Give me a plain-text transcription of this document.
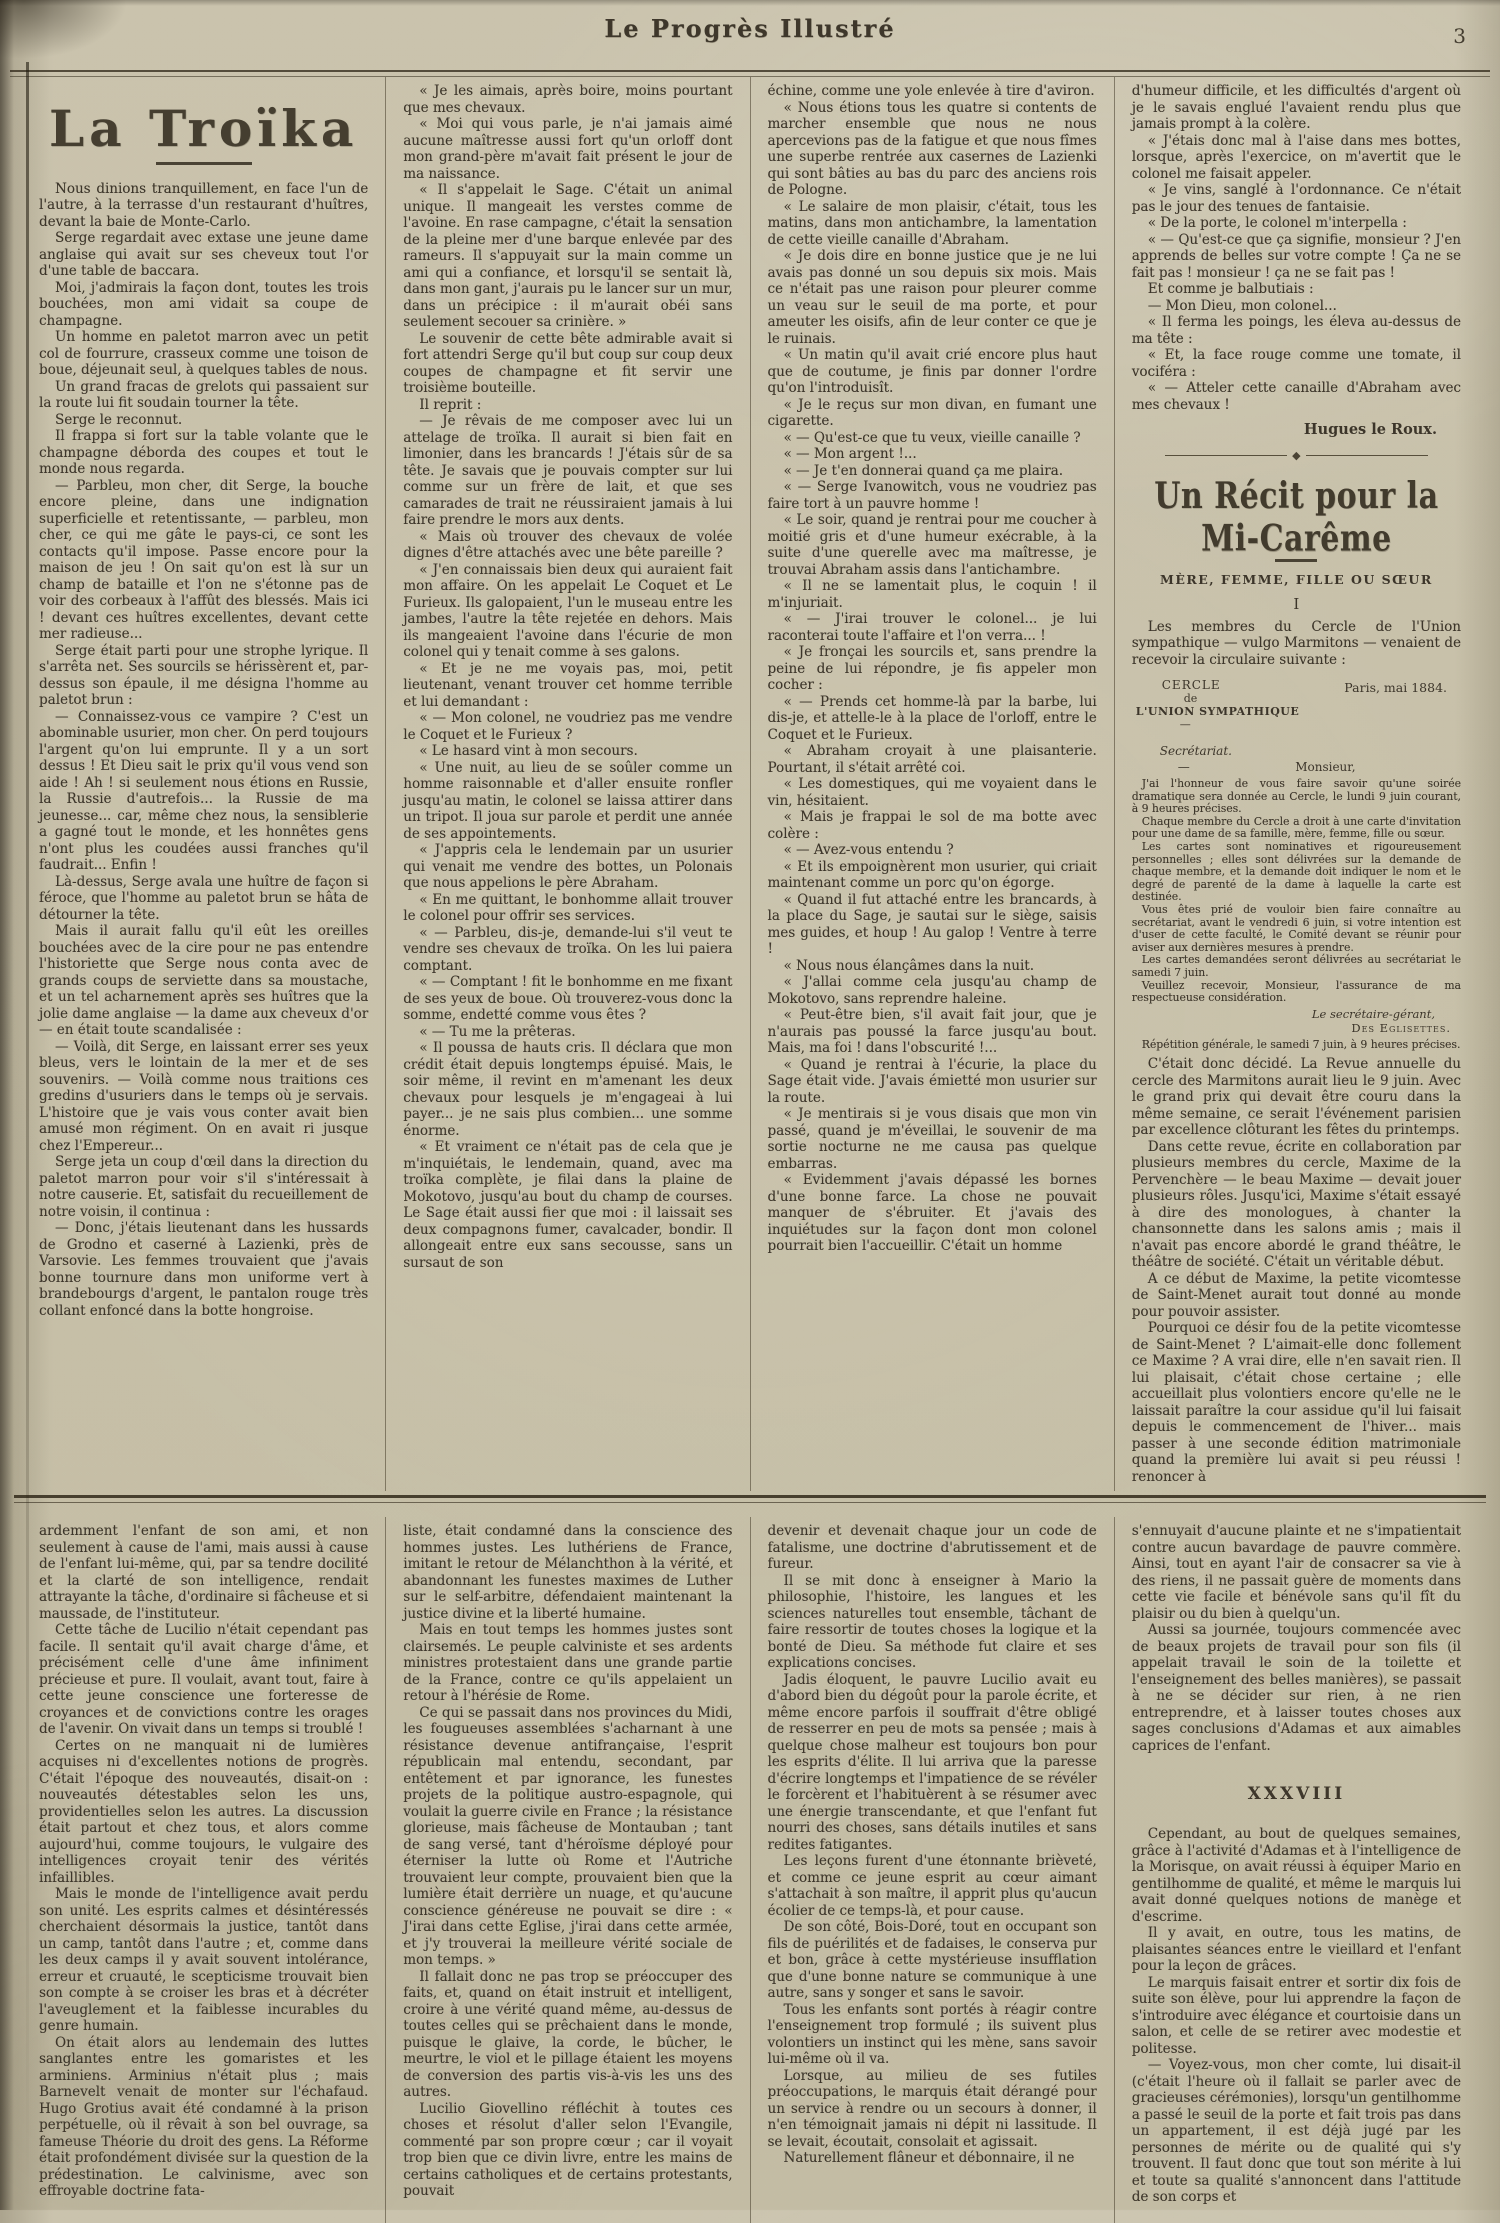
Le Progrès Illustré	3
La Troïka

Nous dinions tranquillement, en face l'un de l'autre, à la terrasse d'un restaurant d'huîtres, devant la baie de Monte-Carlo.

Serge regardait avec extase une jeune dame anglaise qui avait sur ses cheveux tout l'or d'une table de baccara.

Moi, j'admirais la façon dont, toutes les trois bouchées, mon ami vidait sa coupe de champagne.

Un homme en paletot marron avec un petit col de fourrure, crasseux comme une toison de boue, déjeunait seul, à quelques tables de nous.

Un grand fracas de grelots qui passaient sur la route lui fit soudain tourner la tête.

Serge le reconnut.

Il frappa si fort sur la table volante que le champagne déborda des coupes et tout le monde nous regarda.

— Parbleu, mon cher, dit Serge, la bouche encore pleine, dans une indignation superficielle et retentissante, — parbleu, mon cher, ce qui me gâte le pays-ci, ce sont les contacts qu'il impose. Passe encore pour la maison de jeu ! On sait qu'on est là sur un champ de bataille et l'on ne s'étonne pas de voir des corbeaux à l'affût des blessés. Mais ici ! devant ces huîtres excellentes, devant cette mer radieuse...

Serge était parti pour une strophe lyrique. Il s'arrêta net. Ses sourcils se hérissèrent et, par-dessus son épaule, il me désigna l'homme au paletot brun :

— Connaissez-vous ce vampire ? C'est un abominable usurier, mon cher. On perd toujours l'argent qu'on lui emprunte. Il y a un sort dessus ! Et Dieu sait le prix qu'il vous vend son aide ! Ah ! si seulement nous étions en Russie, la Russie d'autrefois... la Russie de ma jeunesse... car, même chez nous, la sensiblerie a gagné tout le monde, et les honnêtes gens n'ont plus les coudées aussi franches qu'il faudrait... Enfin !

Là-dessus, Serge avala une huître de façon si féroce, que l'homme au paletot brun se hâta de détourner la tête.

Mais il aurait fallu qu'il eût les oreilles bouchées avec de la cire pour ne pas entendre l'historiette que Serge nous conta avec de grands coups de serviette dans sa moustache, et un tel acharnement après ses huîtres que la jolie dame anglaise — la dame aux cheveux d'or — en était toute scandalisée :

— Voilà, dit Serge, en laissant errer ses yeux bleus, vers le lointain de la mer et de ses souvenirs. — Voilà comme nous traitions ces gredins d'usuriers dans le temps où je servais. L'histoire que je vais vous conter avait bien amusé mon régiment. On en avait ri jusque chez l'Empereur...

Serge jeta un coup d'œil dans la direction du paletot marron pour voir s'il s'intéressait à notre causerie. Et, satisfait du recueillement de notre voisin, il continua :

— Donc, j'étais lieutenant dans les hussards de Grodno et caserné à Lazienki, près de Varsovie. Les femmes trouvaient que j'avais bonne tournure dans mon uniforme vert à brandebourgs d'argent, le pantalon rouge très collant enfoncé dans la botte hongroise.

« Je les aimais, après boire, moins pourtant que mes chevaux.

« Moi qui vous parle, je n'ai jamais aimé aucune maîtresse aussi fort qu'un orloff dont mon grand-père m'avait fait présent le jour de ma naissance.

« Il s'appelait le Sage. C'était un animal unique. Il mangeait les verstes comme de l'avoine. En rase campagne, c'était la sensation de la pleine mer d'une barque enlevée par des rameurs. Il s'appuyait sur la main comme un ami qui a confiance, et lorsqu'il se sentait là, dans mon gant, j'aurais pu le lancer sur un mur, dans un précipice : il m'aurait obéi sans seulement secouer sa crinière. »

Le souvenir de cette bête admirable avait si fort attendri Serge qu'il but coup sur coup deux coupes de champagne et fit servir une troisième bouteille.

Il reprit :

— Je rêvais de me composer avec lui un attelage de troïka. Il aurait si bien fait en limonier, dans les brancards ! J'étais sûr de sa tête. Je savais que je pouvais compter sur lui comme sur un frère de lait, et que ses camarades de trait ne réussiraient jamais à lui faire prendre le mors aux dents.

« Mais où trouver des chevaux de volée dignes d'être attachés avec une bête pareille ?

« J'en connaissais bien deux qui auraient fait mon affaire. On les appelait Le Coquet et Le Furieux. Ils galopaient, l'un le museau entre les jambes, l'autre la tête rejetée en dehors. Mais ils mangeaient l'avoine dans l'écurie de mon colonel qui y tenait comme à ses galons.

« Et je ne me voyais pas, moi, petit lieutenant, venant trouver cet homme terrible et lui demandant :

« — Mon colonel, ne voudriez pas me vendre le Coquet et le Furieux ?

« Le hasard vint à mon secours.

« Une nuit, au lieu de se soûler comme un homme raisonnable et d'aller ensuite ronfler jusqu'au matin, le colonel se laissa attirer dans un tripot. Il joua sur parole et perdit une année de ses appointements.

« J'appris cela le lendemain par un usurier qui venait me vendre des bottes, un Polonais que nous appelions le père Abraham.

« En me quittant, le bonhomme allait trouver le colonel pour offrir ses services.

« — Parbleu, dis-je, demande-lui s'il veut te vendre ses chevaux de troïka. On les lui paiera comptant.

« — Comptant ! fit le bonhomme en me fixant de ses yeux de boue. Où trouverez-vous donc la somme, endetté comme vous êtes ?

« — Tu me la prêteras.

« Il poussa de hauts cris. Il déclara que mon crédit était depuis longtemps épuisé. Mais, le soir même, il revint en m'amenant les deux chevaux pour lesquels je m'engageai à lui payer... je ne sais plus combien... une somme énorme.

« Et vraiment ce n'était pas de cela que je m'inquiétais, le lendemain, quand, avec ma troïka complète, je filai dans la plaine de Mokotovo, jusqu'au bout du champ de courses. Le Sage était aussi fier que moi : il laissait ses deux compagnons fumer, cavalcader, bondir. Il allongeait entre eux sans secousse, sans un sursaut de son

échine, comme une yole enlevée à tire d'aviron.

« Nous étions tous les quatre si contents de marcher ensemble que nous ne nous apercevions pas de la fatigue et que nous fîmes une superbe rentrée aux casernes de Lazienki qui sont bâties au bas du parc des anciens rois de Pologne.

« Le salaire de mon plaisir, c'était, tous les matins, dans mon antichambre, la lamentation de cette vieille canaille d'Abraham.

« Je dois dire en bonne justice que je ne lui avais pas donné un sou depuis six mois. Mais ce n'était pas une raison pour pleurer comme un veau sur le seuil de ma porte, et pour ameuter les oisifs, afin de leur conter ce que je le ruinais.

« Un matin qu'il avait crié encore plus haut que de coutume, je finis par donner l'ordre qu'on l'introduisît.

« Je le reçus sur mon divan, en fumant une cigarette.

« — Qu'est-ce que tu veux, vieille canaille ?

« — Mon argent !...

« — Je t'en donnerai quand ça me plaira.

« — Serge Ivanowitch, vous ne voudriez pas faire tort à un pauvre homme !

« Le soir, quand je rentrai pour me coucher à moitié gris et d'une humeur exécrable, à la suite d'une querelle avec ma maîtresse, je trouvai Abraham assis dans l'antichambre.

« Il ne se lamentait plus, le coquin ! il m'injuriait.

« — J'irai trouver le colonel... je lui raconterai toute l'affaire et l'on verra... !

« Je fronçai les sourcils et, sans prendre la peine de lui répondre, je fis appeler mon cocher :

« — Prends cet homme-là par la barbe, lui dis-je, et attelle-le à la place de l'orloff, entre le Coquet et le Furieux.

« Abraham croyait à une plaisanterie. Pourtant, il s'était arrêté coi.

« Les domestiques, qui me voyaient dans le vin, hésitaient.

« Mais je frappai le sol de ma botte avec colère :

« — Avez-vous entendu ?

« Et ils empoignèrent mon usurier, qui criait maintenant comme un porc qu'on égorge.

« Quand il fut attaché entre les brancards, à la place du Sage, je sautai sur le siège, saisis mes guides, et houp ! Au galop ! Ventre à terre !

« Nous nous élançâmes dans la nuit.

« J'allai comme cela jusqu'au champ de Mokotovo, sans reprendre haleine.

« Peut-être bien, s'il avait fait jour, que je n'aurais pas poussé la farce jusqu'au bout. Mais, ma foi ! dans l'obscurité !...

« Quand je rentrai à l'écurie, la place du Sage était vide. J'avais émietté mon usurier sur la route.

« Je mentirais si je vous disais que mon vin passé, quand je m'éveillai, le souvenir de ma sortie nocturne ne me causa pas quelque embarras.

« Evidemment j'avais dépassé les bornes d'une bonne farce. La chose ne pouvait manquer de s'ébruiter. Et j'avais des inquiétudes sur la façon dont mon colonel pourrait bien l'accueillir. C'était un homme

d'humeur difficile, et les difficultés d'argent où je le savais englué l'avaient rendu plus que jamais prompt à la colère.

« J'étais donc mal à l'aise dans mes bottes, lorsque, après l'exercice, on m'avertit que le colonel me faisait appeler.

« Je vins, sanglé à l'ordonnance. Ce n'était pas le jour des tenues de fantaisie.

« De la porte, le colonel m'interpella :

« — Qu'est-ce que ça signifie, monsieur ? J'en apprends de belles sur votre compte ! Ça ne se fait pas ! monsieur ! ça ne se fait pas !

Et comme je balbutiais :

— Mon Dieu, mon colonel...

« Il ferma les poings, les éleva au-dessus de ma tête :

« Et, la face rouge comme une tomate, il vociféra :

« — Atteler cette canaille d'Abraham avec mes chevaux !

Hugues le Roux.
◆
Un Récit pour la Mi-Carême
MÈRE, FEMME, FILLE OU SŒUR
I

Les membres du Cercle de l'Union sympathique — vulgo Marmitons — venaient de recevoir la circulaire suivante :

CERCLE
de
L'UNION SYMPATHIQUE
—
Paris, mai 1884.
Secrétariat.
—	Monsieur,

J'ai l'honneur de vous faire savoir qu'une soirée dramatique sera donnée au Cercle, le lundi 9 juin courant, à 9 heures précises.

Chaque membre du Cercle a droit à une carte d'invitation pour une dame de sa famille, mère, femme, fille ou sœur.

Les cartes sont nominatives et rigoureusement personnelles ; elles sont délivrées sur la demande de chaque membre, et la demande doit indiquer le nom et le degré de parenté de la dame à laquelle la carte est destinée.

Vous êtes prié de vouloir bien faire connaître au secrétariat, avant le vendredi 6 juin, si votre intention est d'user de cette faculté, le Comité devant se réunir pour aviser aux dernières mesures à prendre.

Les cartes demandées seront délivrées au secrétariat le samedi 7 juin.

Veuillez recevoir, Monsieur, l'assurance de ma respectueuse considération.

Le secrétaire-gérant,
Des Eglisettes.

Répétition générale, le samedi 7 juin, à 9 heures précises.

C'était donc décidé. La Revue annuelle du cercle des Marmitons aurait lieu le 9 juin. Avec le grand prix qui devait être couru dans la même semaine, ce serait l'événement parisien par excellence clôturant les fêtes du printemps.

Dans cette revue, écrite en collaboration par plusieurs membres du cercle, Maxime de la Pervenchère — le beau Maxime — devait jouer plusieurs rôles. Jusqu'ici, Maxime s'était essayé à dire des monologues, à chanter la chansonnette dans les salons amis ; mais il n'avait pas encore abordé le grand théâtre, le théâtre de société. C'était un véritable début.

A ce début de Maxime, la petite vicomtesse de Saint-Menet aurait tout donné au monde pour pouvoir assister.

Pourquoi ce désir fou de la petite vicomtesse de Saint-Menet ? L'aimait-elle donc follement ce Maxime ? A vrai dire, elle n'en savait rien. Il lui plaisait, c'était chose certaine ; elle accueillait plus volontiers encore qu'elle ne le laissait paraître la cour assidue qu'il lui faisait depuis le commencement de l'hiver... mais passer à une seconde édition matrimoniale quand la première lui avait si peu réussi ! renoncer à

ardemment l'enfant de son ami, et non seulement à cause de l'ami, mais aussi à cause de l'enfant lui-même, qui, par sa tendre docilité et la clarté de son intelligence, rendait attrayante la tâche, d'ordinaire si fâcheuse et si maussade, de l'instituteur.

Cette tâche de Lucilio n'était cependant pas facile. Il sentait qu'il avait charge d'âme, et précisément celle d'une âme infiniment précieuse et pure. Il voulait, avant tout, faire à cette jeune conscience une forteresse de croyances et de convictions contre les orages de l'avenir. On vivait dans un temps si troublé !

Certes on ne manquait ni de lumières acquises ni d'excellentes notions de progrès. C'était l'époque des nouveautés, disait-on : nouveautés détestables selon les uns, providentielles selon les autres. La discussion était partout et chez tous, et alors comme aujourd'hui, comme toujours, le vulgaire des intelligences croyait tenir des vérités infaillibles.

Mais le monde de l'intelligence avait perdu son unité. Les esprits calmes et désintéressés cherchaient désormais la justice, tantôt dans un camp, tantôt dans l'autre ; et, comme dans les deux camps il y avait souvent intolérance, erreur et cruauté, le scepticisme trouvait bien son compte à se croiser les bras et à décréter l'aveuglement et la faiblesse incurables du genre humain.

On était alors au lendemain des luttes sanglantes entre les gomaristes et les arminiens. Arminius n'était plus ; mais Barnevelt venait de monter sur l'échafaud. Hugo Grotius avait été condamné à la prison perpétuelle, où il rêvait à son bel ouvrage, sa fameuse Théorie du droit des gens. La Réforme était profondément divisée sur la question de la prédestination. Le calvinisme, avec son effroyable doctrine fata-

liste, était condamné dans la conscience des hommes justes. Les luthériens de France, imitant le retour de Mélanchthon à la vérité, et abandonnant les funestes maximes de Luther sur le self-arbitre, défendaient maintenant la justice divine et la liberté humaine.

Mais en tout temps les hommes justes sont clairsemés. Le peuple calviniste et ses ardents ministres protestaient dans une grande partie de la France, contre ce qu'ils appelaient un retour à l'hérésie de Rome.

Ce qui se passait dans nos provinces du Midi, les fougueuses assemblées s'acharnant à une résistance devenue antifrançaise, l'esprit républicain mal entendu, secondant, par entêtement et par ignorance, les funestes projets de la politique austro-espagnole, qui voulait la guerre civile en France ; la résistance glorieuse, mais fâcheuse de Montauban ; tant de sang versé, tant d'héroïsme déployé pour éterniser la lutte où Rome et l'Autriche trouvaient leur compte, prouvaient bien que la lumière était derrière un nuage, et qu'aucune conscience généreuse ne pouvait se dire : « J'irai dans cette Eglise, j'irai dans cette armée, et j'y trouverai la meilleure vérité sociale de mon temps. »

Il fallait donc ne pas trop se préoccuper des faits, et, quand on était instruit et intelligent, croire à une vérité quand même, au-dessus de toutes celles qui se prêchaient dans le monde, puisque le glaive, la corde, le bûcher, le meurtre, le viol et le pillage étaient les moyens de conversion des partis vis-à-vis les uns des autres.

Lucilio Giovellino réfléchit à toutes ces choses et résolut d'aller selon l'Evangile, commenté par son propre cœur ; car il voyait trop bien que ce divin livre, entre les mains de certains catholiques et de certains protestants, pouvait

devenir et devenait chaque jour un code de fatalisme, une doctrine d'abrutissement et de fureur.

Il se mit donc à enseigner à Mario la philosophie, l'histoire, les langues et les sciences naturelles tout ensemble, tâchant de faire ressortir de toutes choses la logique et la bonté de Dieu. Sa méthode fut claire et ses explications concises.

Jadis éloquent, le pauvre Lucilio avait eu d'abord bien du dégoût pour la parole écrite, et même encore parfois il souffrait d'être obligé de resserrer en peu de mots sa pensée ; mais à quelque chose malheur est toujours bon pour les esprits d'élite. Il lui arriva que la paresse d'écrire longtemps et l'impatience de se révéler le forcèrent et l'habituèrent à se résumer avec une énergie transcendante, et que l'enfant fut nourri des choses, sans détails inutiles et sans redites fatigantes.

Les leçons furent d'une étonnante brièveté, et comme ce jeune esprit au cœur aimant s'attachait à son maître, il apprit plus qu'aucun écolier de ce temps-là, et pour cause.

De son côté, Bois-Doré, tout en occupant son fils de puérilités et de fadaises, le conserva pur et bon, grâce à cette mystérieuse insufflation que d'une bonne nature se communique à une autre, sans y songer et sans le savoir.

Tous les enfants sont portés à réagir contre l'enseignement trop formulé ; ils suivent plus volontiers un instinct qui les mène, sans savoir lui-même où il va.

Lorsque, au milieu de ses futiles préoccupations, le marquis était dérangé pour un service à rendre ou un secours à donner, il n'en témoignait jamais ni dépit ni lassitude. Il se levait, écoutait, consolait et agissait.

Naturellement flâneur et débonnaire, il ne

s'ennuyait d'aucune plainte et ne s'impatientait contre aucun bavardage de pauvre commère. Ainsi, tout en ayant l'air de consacrer sa vie à des riens, il ne passait guère de moments dans cette vie facile et bénévole sans qu'il fît du plaisir ou du bien à quelqu'un.

Aussi sa journée, toujours commencée avec de beaux projets de travail pour son fils (il appelait travail le soin de la toilette et l'enseignement des belles manières), se passait à ne se décider sur rien, à ne rien entreprendre, et à laisser toutes choses aux sages conclusions d'Adamas et aux aimables caprices de l'enfant.

XXXVIII

Cependant, au bout de quelques semaines, grâce à l'activité d'Adamas et à l'intelligence de la Morisque, on avait réussi à équiper Mario en gentilhomme de qualité, et même le marquis lui avait donné quelques notions de manège et d'escrime.

Il y avait, en outre, tous les matins, de plaisantes séances entre le vieillard et l'enfant pour la leçon de grâces.

Le marquis faisait entrer et sortir dix fois de suite son élève, pour lui apprendre la façon de s'introduire avec élégance et courtoisie dans un salon, et celle de se retirer avec modestie et politesse.

— Voyez-vous, mon cher comte, lui disait-il (c'était l'heure où il fallait se parler avec de gracieuses cérémonies), lorsqu'un gentilhomme a passé le seuil de la porte et fait trois pas dans un appartement, il est déjà jugé par les personnes de mérite ou de qualité qui s'y trouvent. Il faut donc que tout son mérite à lui et toute sa qualité s'annoncent dans l'attitude de son corps et
